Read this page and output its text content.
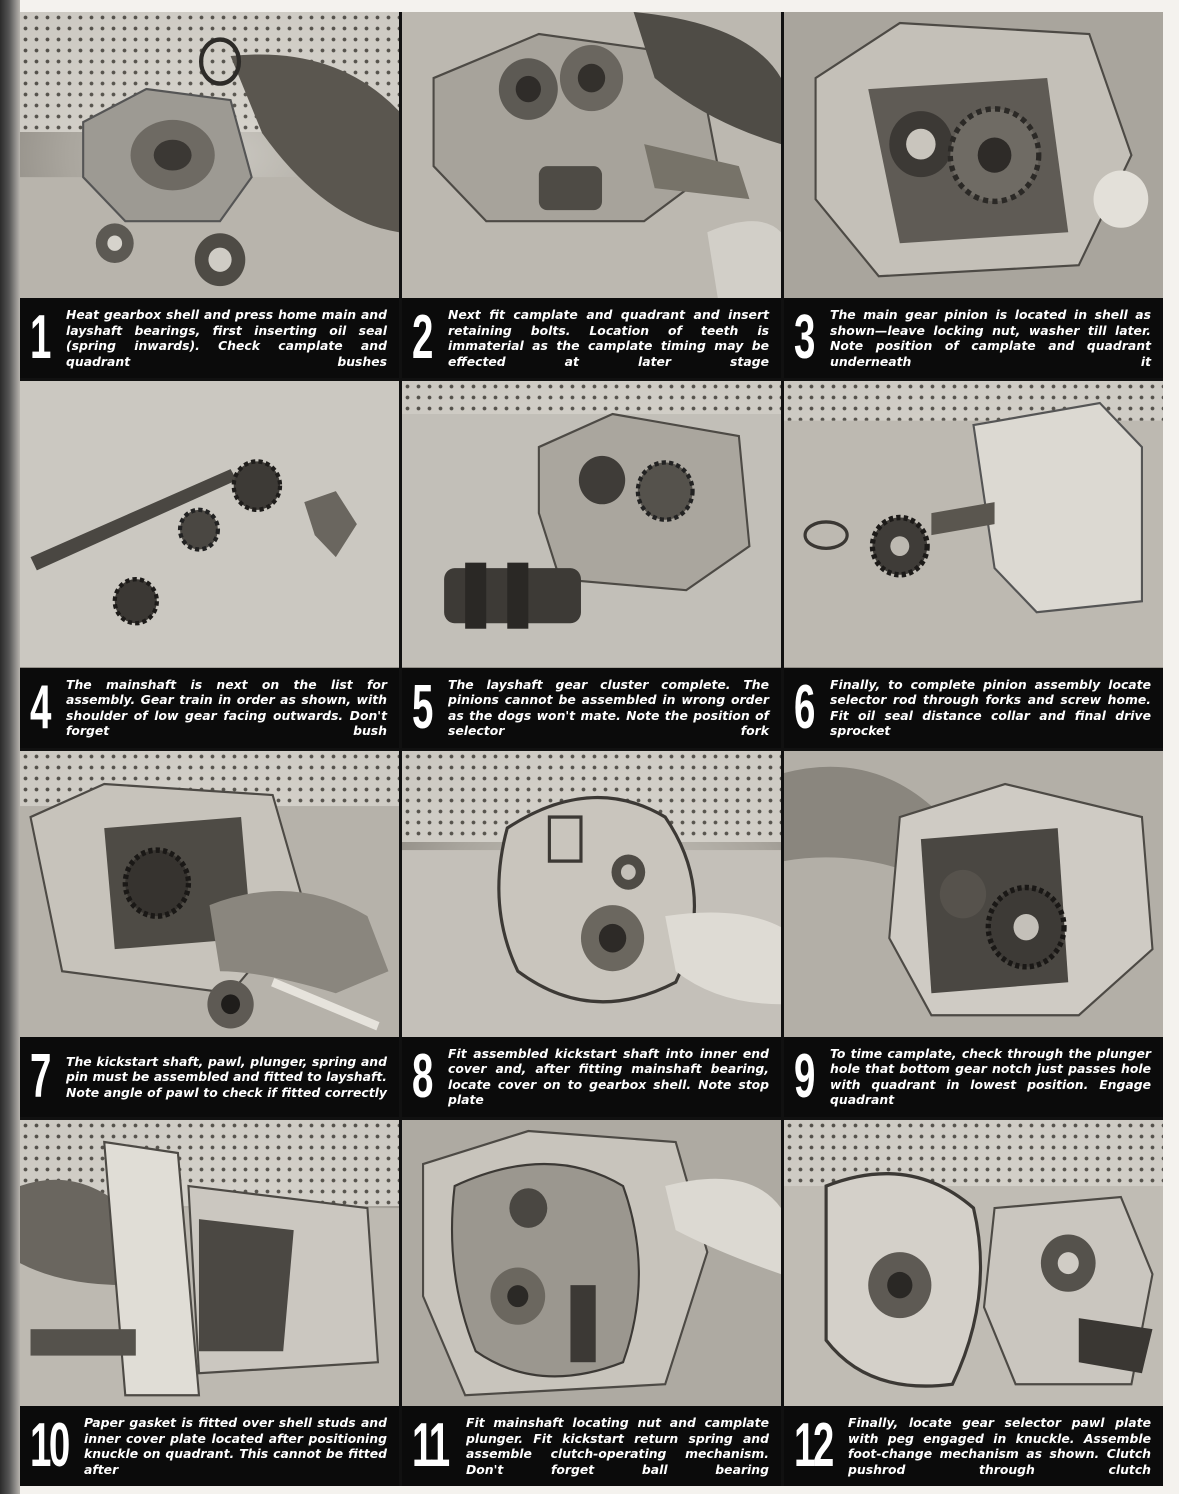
1 Heat gearbox shell and press home main and layshaft bearings, first inserting oil seal (spring inwards). Check camplate and quadrant bushes 2 Next fit camplate and quadrant and insert retaining bolts. Location of teeth is immaterial as the camplate timing may be effected at later stage 3 The main gear pinion is located in shell as shown—leave locking nut, washer till later. Note position of camplate and quadrant underneath it
4 The mainshaft is next on the list for assembly. Gear train in order as shown, with shoulder of low gear facing outwards. Don't forget bush 5 The layshaft gear cluster complete. The pinions cannot be assembled in wrong order as the dogs won't mate. Note the position of selector fork 6 Finally, to complete pinion assembly locate selector rod through forks and screw home. Fit oil seal distance collar and final drive sprocket
7 The kickstart shaft, pawl, plunger, spring and pin must be assembled and fitted to layshaft. Note angle of pawl to check if fitted correctly 8 Fit assembled kickstart shaft into inner end cover and, after fitting mainshaft bearing, locate cover on to gearbox shell. Note stop plate	9 To time camplate, check through the plunger hole that bottom gear notch just passes hole with quadrant in lowest position. Engage quadrant
10 Paper gasket is fitted over shell studs and inner cover plate located after positioning knuckle on quadrant. This cannot be fitted after	11 Fit mainshaft locating nut and camplate plunger. Fit kickstart return spring and assemble clutch-operating mechanism. Don't forget ball bearing 12 Finally, locate gear selector pawl plate with peg engaged in knuckle. Assemble foot-change mechanism as shown. Clutch pushrod through clutch
